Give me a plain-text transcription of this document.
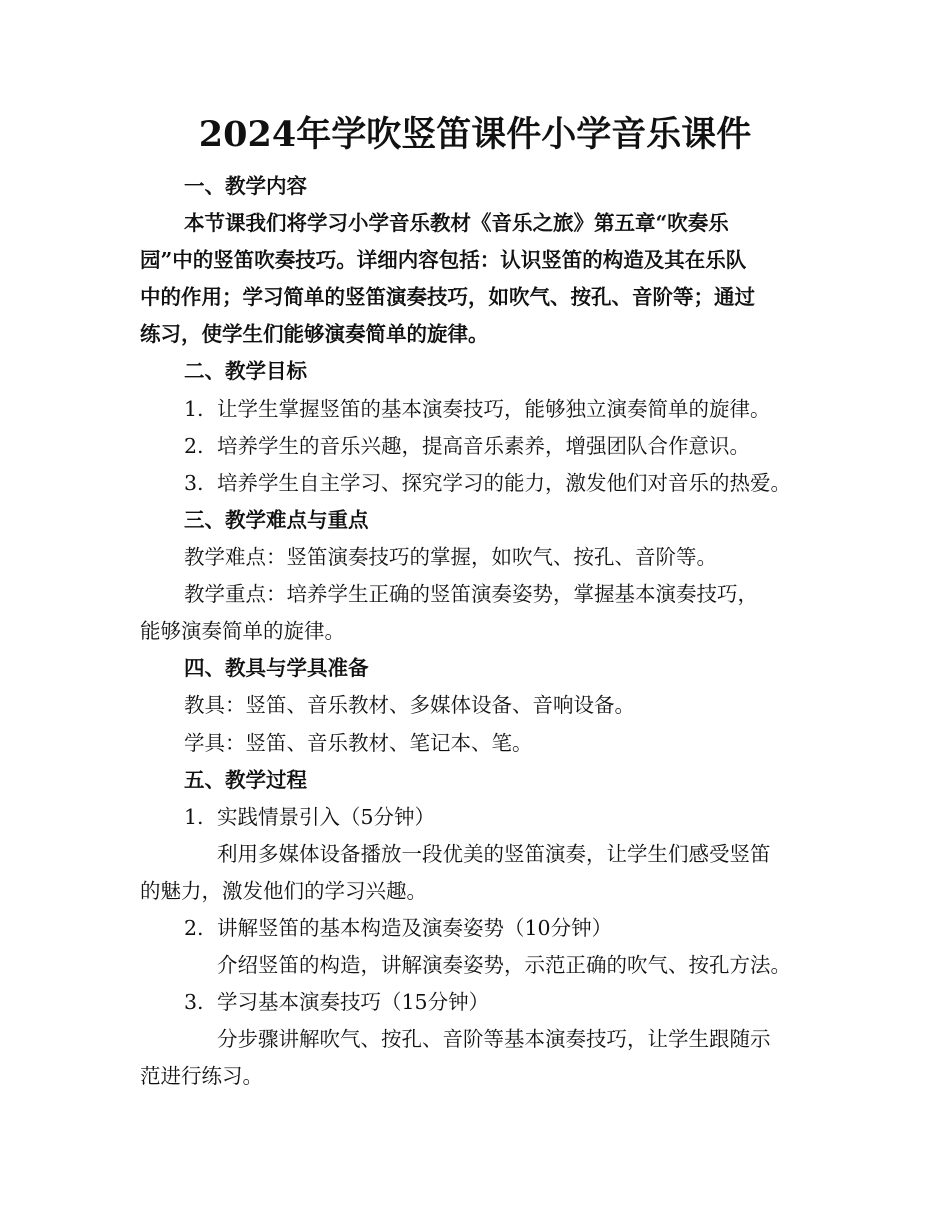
2024年学吹竖笛课件小学音乐课件
一、教学内容
本节课我们将学习小学音乐教材《音乐之旅》第五章“吹奏乐
园”中的竖笛吹奏技巧。详细内容包括：认识竖笛的构造及其在乐队
中的作用；学习简单的竖笛演奏技巧，如吹气、按孔、音阶等；通过
练习，使学生们能够演奏简单的旋律。
二、教学目标
1. 让学生掌握竖笛的基本演奏技巧，能够独立演奏简单的旋律。
2. 培养学生的音乐兴趣，提高音乐素养，增强团队合作意识。
3. 培养学生自主学习、探究学习的能力，激发他们对音乐的热爱。
三、教学难点与重点
教学难点：竖笛演奏技巧的掌握，如吹气、按孔、音阶等。
教学重点：培养学生正确的竖笛演奏姿势，掌握基本演奏技巧，
能够演奏简单的旋律。
四、教具与学具准备
教具：竖笛、音乐教材、多媒体设备、音响设备。
学具：竖笛、音乐教材、笔记本、笔。
五、教学过程
1. 实践情景引入（5分钟）
利用多媒体设备播放一段优美的竖笛演奏，让学生们感受竖笛
的魅力，激发他们的学习兴趣。
2. 讲解竖笛的基本构造及演奏姿势（10分钟）
介绍竖笛的构造，讲解演奏姿势，示范正确的吹气、按孔方法。
3. 学习基本演奏技巧（15分钟）
分步骤讲解吹气、按孔、音阶等基本演奏技巧，让学生跟随示
范进行练习。
